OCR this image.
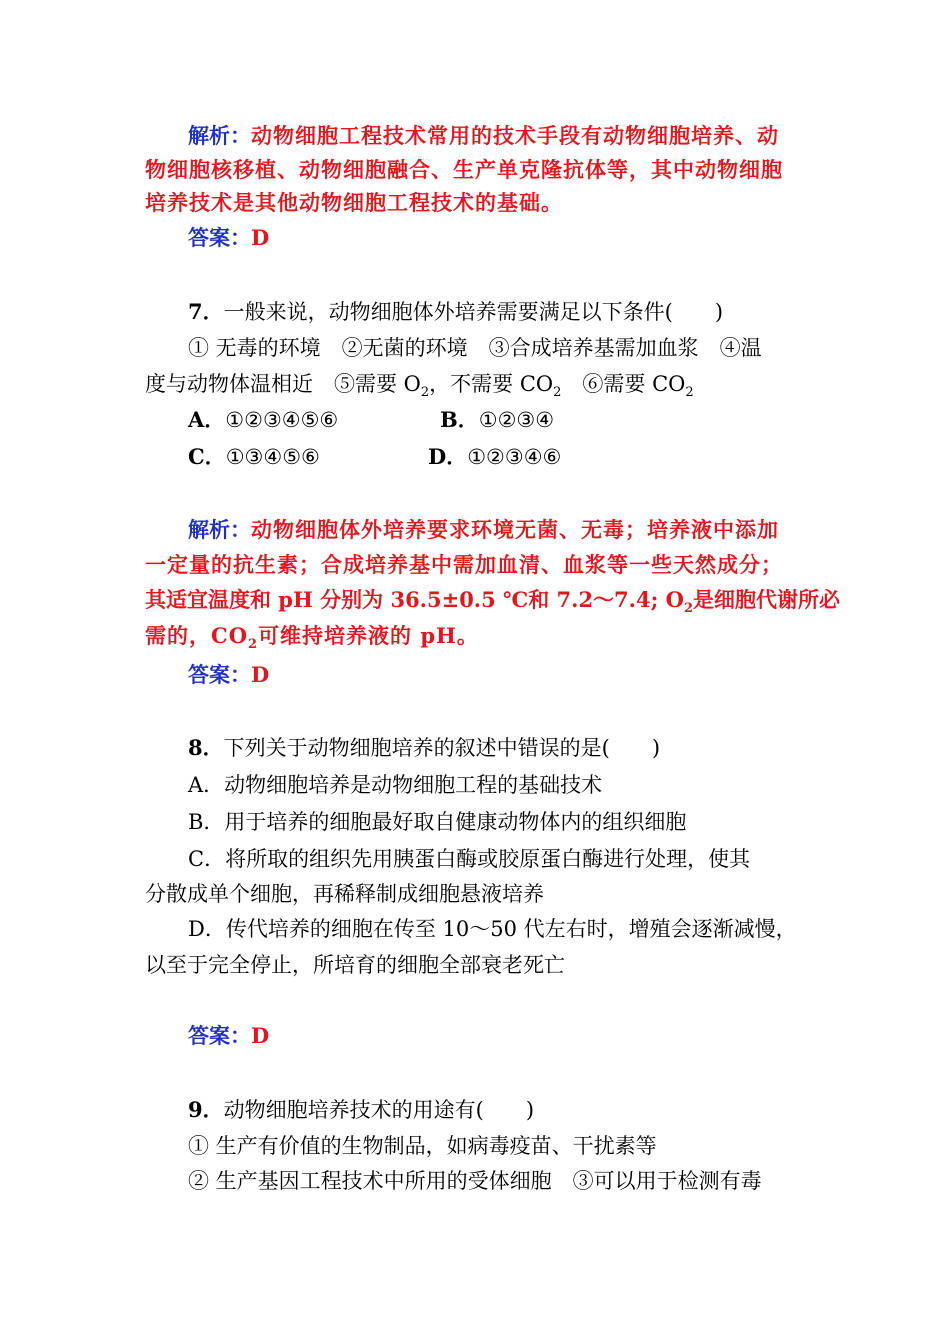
解析：动物细胞工程技术常用的技术手段有动物细胞培养、动
物细胞核移植、动物细胞融合、生产单克隆抗体等，其中动物细胞
培养技术是其他动物细胞工程技术的基础。
答案：D
7．一般来说，动物细胞体外培养需要满足以下条件(　　)
① 无毒的环境　②无菌的环境　③合成培养基需加血浆　④温
度与动物体温相近　⑤需要 $O_2$，不需要 $CO_2$　⑥需要 $CO_2$
A．①②③④⑤⑥	B．①②③④
C．①③④⑤⑥	D．①②③④⑥
解析：动物细胞体外培养要求环境无菌、无毒；培养液中添加
一定量的抗生素；合成培养基中需加血清、血浆等一些天然成分；
其适宜温度和 pH 分别为 36.5±0.5 ℃和 7.2～7.4; $O_2$是细胞代谢所必
需的，$CO_2$可维持培养液的 pH。
答案：D
8．下列关于动物细胞培养的叙述中错误的是(　　)
A．动物细胞培养是动物细胞工程的基础技术
B．用于培养的细胞最好取自健康动物体内的组织细胞
C．将所取的组织先用胰蛋白酶或胶原蛋白酶进行处理，使其
分散成单个细胞，再稀释制成细胞悬液培养
D．传代培养的细胞在传至 10～50 代左右时，增殖会逐渐减慢，
以至于完全停止，所培育的细胞全部衰老死亡
答案：D
9．动物细胞培养技术的用途有(　　)
① 生产有价值的生物制品，如病毒疫苗、干扰素等
② 生产基因工程技术中所用的受体细胞　③可以用于检测有毒
